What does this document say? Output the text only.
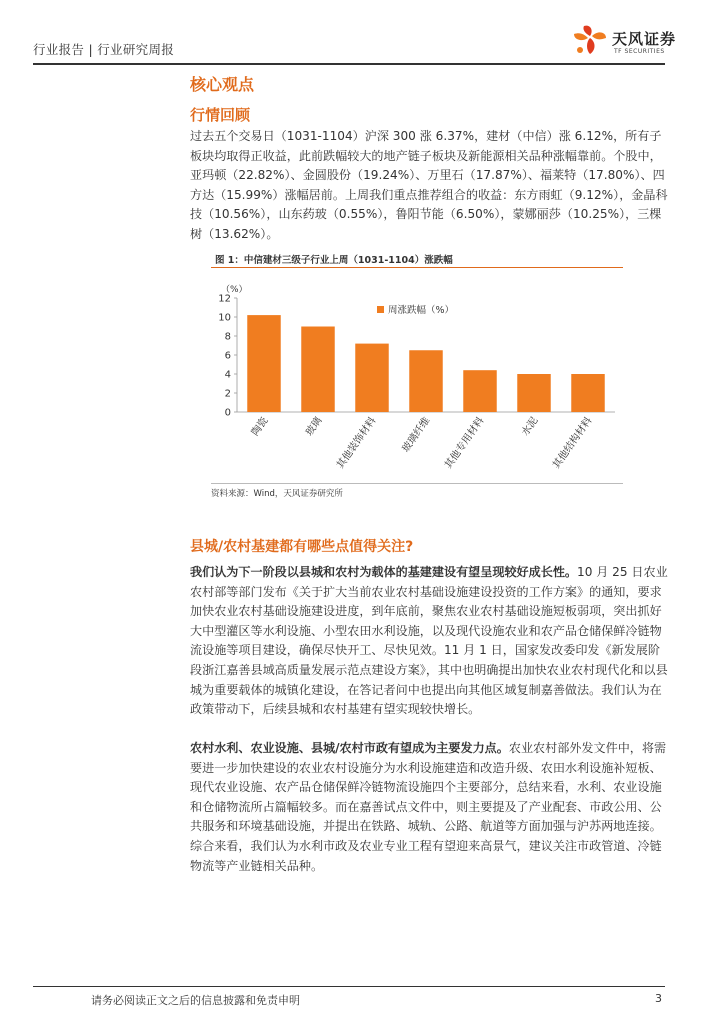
行业报告 | 行业研究周报
天风证券
TF SECURITIES
核心观点
行情回顾
过去五个交易日（1031-1104）沪深 300 涨 6.37%，建材（中信）涨 6.12%，所有子板块均取得正收益，此前跌幅较大的地产链子板块及新能源相关品种涨幅靠前。个股中，亚玛顿（22.82%）、金圆股份（19.24%）、万里石（17.87%）、福莱特（17.80%）、四方达（15.99%）涨幅居前。上周我们重点推荐组合的收益：东方雨虹（9.12%），金晶科技（10.56%），山东药玻（0.55%），鲁阳节能（6.50%），蒙娜丽莎（10.25%），三棵树（13.62%）。
图 1：中信建材三级子行业上周（1031-1104）涨跌幅
（%）
0
2
4
6
8
10
12
陶瓷	玻璃 其他装饰材料 玻璃纤维 其他专用材料	水泥 其他结构材料
周涨跌幅（%）
资料来源：Wind，天风证券研究所
县城/农村基建都有哪些点值得关注?
我们认为下一阶段以县城和农村为载体的基建建设有望呈现较好成长性。10 月 25 日农业农村部等部门发布《关于扩大当前农业农村基础设施建设投资的工作方案》的通知，要求加快农业农村基础设施建设进度，到年底前，聚焦农业农村基础设施短板弱项，突出抓好大中型灌区等水利设施、小型农田水利设施，以及现代设施农业和农产品仓储保鲜冷链物流设施等项目建设，确保尽快开工、尽快见效。11 月 1 日，国家发改委印发《新发展阶段浙江嘉善县域高质量发展示范点建设方案》，其中也明确提出加快农业农村现代化和以县城为重要载体的城镇化建设，在答记者问中也提出向其他区域复制嘉善做法。我们认为在政策带动下，后续县城和农村基建有望实现较快增长。
农村水利、农业设施、县城/农村市政有望成为主要发力点。农业农村部外发文件中，将需要进一步加快建设的农业农村设施分为水利设施建造和改造升级、农田水利设施补短板、现代农业设施、农产品仓储保鲜冷链物流设施四个主要部分，总结来看，水利、农业设施和仓储物流所占篇幅较多。而在嘉善试点文件中，则主要提及了产业配套、市政公用、公共服务和环境基础设施，并提出在铁路、城轨、公路、航道等方面加强与沪苏两地连接。综合来看，我们认为水利市政及农业专业工程有望迎来高景气，建议关注市政管道、冷链物流等产业链相关品种。
请务必阅读正文之后的信息披露和免责申明	3
